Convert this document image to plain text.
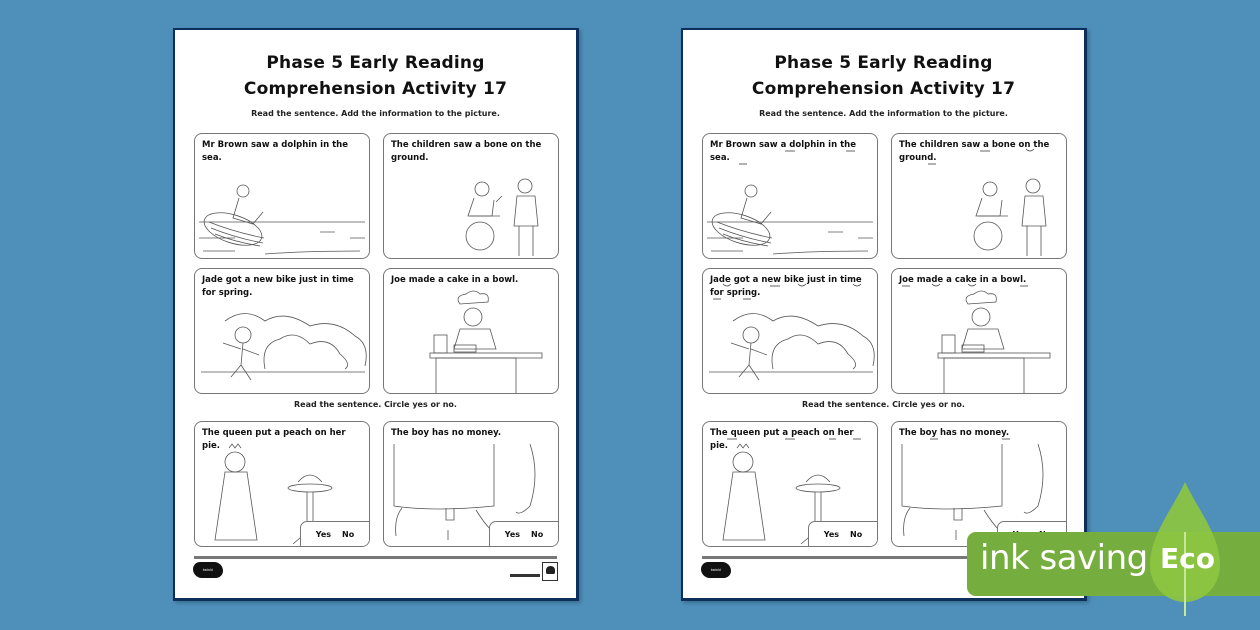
Phase 5 Early Reading
Comprehension Activity 17
Read the sentence. Add the information to the picture.
Mr Brown saw a dolphin in the sea.
The children saw a bone on the ground.
Jade got a new bike just in time for spring.
Joe made a cake in a bowl.
Read the sentence. Circle yes or no.
The queen put a peach on her pie.
Yes No
The boy has no money.
Yes No
twinkl
Phase 5 Early Reading
Comprehension Activity 17
Read the sentence. Add the information to the picture.
Mr Brown saw a dolphin in the sea.
The children saw a bone on the ground.
Jade got a new bike just in time for spring.
Joe made a cake in a bowl.
Read the sentence. Circle yes or no.
The queen put a peach on her pie.
Yes No
The boy has no money.
twinkl	ink saving Eco
